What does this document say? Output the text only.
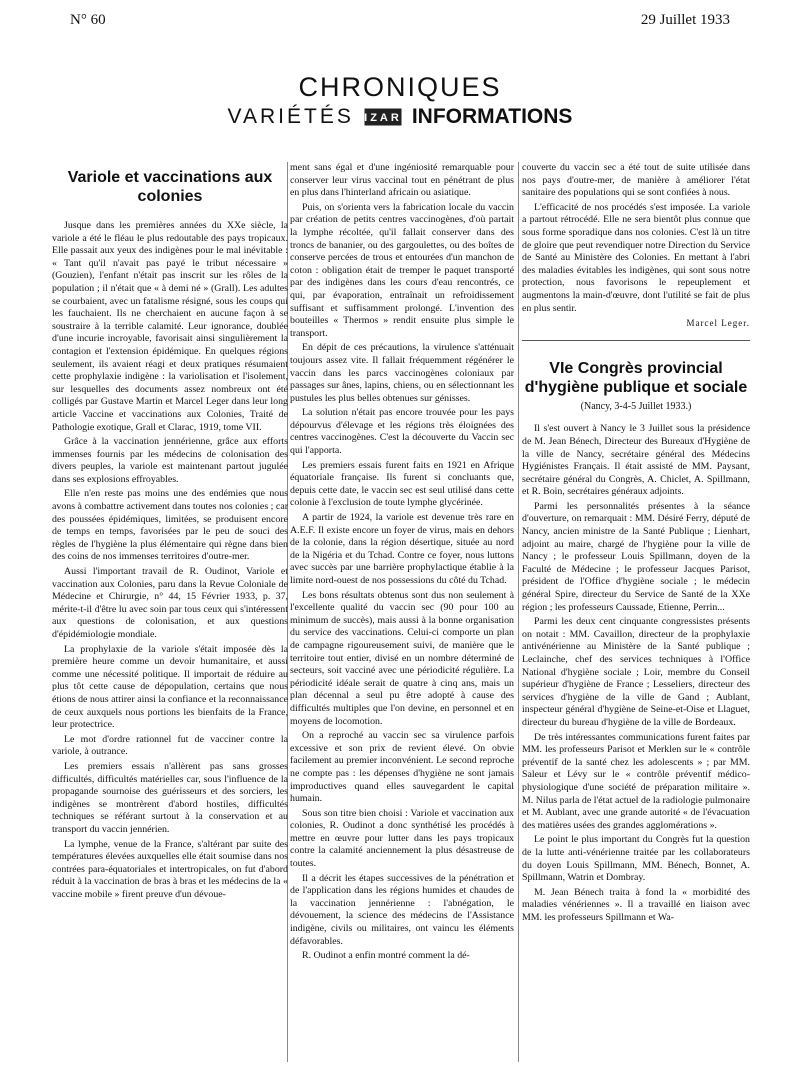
N° 60	29 Juillet 1933
CHRONIQUES
VARIÉTÉS IZAR INFORMATIONS
Variole et vaccinations aux colonies

Jusque dans les premières années du XXe siècle, la variole a été le fléau le plus redoutable des pays tropicaux. Elle passait aux yeux des indigènes pour le mal inévitable : « Tant qu'il n'avait pas payé le tribut nécessaire » (Gouzien), l'enfant n'était pas inscrit sur les rôles de la population ; il n'était que « à demi né » (Grall). Les adultes se courbaient, avec un fatalisme résigné, sous les coups qui les fauchaient. Ils ne cherchaient en aucune façon à se soustraire à la terrible calamité. Leur ignorance, doublée d'une incurie incroyable, favorisait ainsi singulièrement la contagion et l'extension épidémique. En quelques régions seulement, ils avaient réagi et deux pratiques résumaient cette prophylaxie indigène : la variolisation et l'isolement, sur lesquelles des documents assez nombreux ont été colligés par Gustave Martin et Marcel Leger dans leur long article Vaccine et vaccinations aux Colonies, Traité de Pathologie exotique, Grall et Clarac, 1919, tome VII.

Grâce à la vaccination jennérienne, grâce aux efforts immenses fournis par les médecins de colonisation des divers peuples, la variole est maintenant partout jugulée dans ses explosions effroyables.

Elle n'en reste pas moins une des endémies que nous avons à combattre activement dans toutes nos colonies ; car des poussées épidémiques, limitées, se produisent encore de temps en temps, favorisées par le peu de souci des règles de l'hygiène la plus élémentaire qui règne dans bien des coins de nos immenses territoires d'outre-mer.

Aussi l'important travail de R. Oudinot, Variole et vaccination aux Colonies, paru dans la Revue Coloniale de Médecine et Chirurgie, n° 44, 15 Février 1933, p. 37, mérite-t-il d'être lu avec soin par tous ceux qui s'intéressent aux questions de colonisation, et aux questions d'épidémiologie mondiale.

La prophylaxie de la variole s'était imposée dès la première heure comme un devoir humanitaire, et aussi comme une nécessité politique. Il importait de réduire au plus tôt cette cause de dépopulation, certains que nous étions de nous attirer ainsi la confiance et la reconnaissance de ceux auxquels nous portions les bienfaits de la France, leur protectrice.

Le mot d'ordre rationnel fut de vacciner contre la variole, à outrance.

Les premiers essais n'allèrent pas sans grosses difficultés, difficultés matérielles car, sous l'influence de la propagande sournoise des guérisseurs et des sorciers, les indigènes se montrèrent d'abord hostiles, difficultés techniques se référant surtout à la conservation et au transport du vaccin jennérien.

La lymphe, venue de la France, s'altérant par suite des températures élevées auxquelles elle était soumise dans nos contrées para-équatoriales et intertropicales, on fut d'abord réduit à la vaccination de bras à bras et les médecins de la « vaccine mobile » firent preuve d'un dévoue-

ment sans égal et d'une ingéniosité remarquable pour conserver leur virus vaccinal tout en pénétrant de plus en plus dans l'hinterland africain ou asiatique.

Puis, on s'orienta vers la fabrication locale du vaccin par création de petits centres vaccinogènes, d'où partait la lymphe récoltée, qu'il fallait conserver dans des troncs de bananier, ou des gargoulettes, ou des boîtes de conserve percées de trous et entourées d'un manchon de coton : obligation était de tremper le paquet transporté par des indigènes dans les cours d'eau rencontrés, ce qui, par évaporation, entraînait un refroidissement suffisant et suffisamment prolongé. L'invention des bouteilles « Thermos » rendit ensuite plus simple le transport.

En dépit de ces précautions, la virulence s'atténuait toujours assez vite. Il fallait fréquemment régénérer le vaccin dans les parcs vaccinogènes coloniaux par passages sur ânes, lapins, chiens, ou en sélectionnant les pustules les plus belles obtenues sur génisses.

La solution n'était pas encore trouvée pour les pays dépourvus d'élevage et les régions très éloignées des centres vaccinogènes. C'est la découverte du Vaccin sec qui l'apporta.

Les premiers essais furent faits en 1921 en Afrique équatoriale française. Ils furent si concluants que, depuis cette date, le vaccin sec est seul utilisé dans cette colonie à l'exclusion de toute lymphe glycérinée.

A partir de 1924, la variole est devenue très rare en A.E.F. Il existe encore un foyer de virus, mais en dehors de la colonie, dans la région désertique, située au nord de la Nigéria et du Tchad. Contre ce foyer, nous luttons avec succès par une barrière prophylactique établie à la limite nord-ouest de nos possessions du côté du Tchad.

Les bons résultats obtenus sont dus non seulement à l'excellente qualité du vaccin sec (90 pour 100 au minimum de succès), mais aussi à la bonne organisation du service des vaccinations. Celui-ci comporte un plan de campagne rigoureusement suivi, de manière que le territoire tout entier, divisé en un nombre déterminé de secteurs, soit vacciné avec une périodicité régulière. La périodicité idéale serait de quatre à cinq ans, mais un plan décennal a seul pu être adopté à cause des difficultés multiples que l'on devine, en personnel et en moyens de locomotion.

On a reproché au vaccin sec sa virulence parfois excessive et son prix de revient élevé. On obvie facilement au premier inconvénient. Le second reproche ne compte pas : les dépenses d'hygiène ne sont jamais improductives quand elles sauvegardent le capital humain.

Sous son titre bien choisi : Variole et vaccination aux colonies, R. Oudinot a donc synthétisé les procédés à mettre en œuvre pour lutter dans les pays tropicaux contre la calamité anciennement la plus désastreuse de toutes.

Il a décrit les étapes successives de la pénétration et de l'application dans les régions humides et chaudes de la vaccination jennérienne : l'abnégation, le dévouement, la science des médecins de l'Assistance indigène, civils ou militaires, ont vaincu les éléments défavorables.

R. Oudinot a enfin montré comment la dé-

couverte du vaccin sec a été tout de suite utilisée dans nos pays d'outre-mer, de manière à améliorer l'état sanitaire des populations qui se sont confiées à nous.

L'efficacité de nos procédés s'est imposée. La variole a partout rétrocédé. Elle ne sera bientôt plus connue que sous forme sporadique dans nos colonies. C'est là un titre de gloire que peut revendiquer notre Direction du Service de Santé au Ministère des Colonies. En mettant à l'abri des maladies évitables les indigènes, qui sont sous notre protection, nous favorisons le repeuplement et augmentons la main-d'œuvre, dont l'utilité se fait de plus en plus sentir.

Marcel Leger.
VIe Congrès provincial d'hygiène publique et sociale
(Nancy, 3-4-5 Juillet 1933.)

Il s'est ouvert à Nancy le 3 Juillet sous la présidence de M. Jean Bénech, Directeur des Bureaux d'Hygiène de la ville de Nancy, secrétaire général des Médecins Hygiénistes Français. Il était assisté de MM. Paysant, secrétaire général du Congrès, A. Chiclet, A. Spillmann, et R. Boin, secrétaires généraux adjoints.

Parmi les personnalités présentes à la séance d'ouverture, on remarquait : MM. Désiré Ferry, député de Nancy, ancien ministre de la Santé Publique ; Lienhart, adjoint au maire, chargé de l'hygiène pour la ville de Nancy ; le professeur Louis Spillmann, doyen de la Faculté de Médecine ; le professeur Jacques Parisot, président de l'Office d'hygiène sociale ; le médecin général Spire, directeur du Service de Santé de la XXe région ; les professeurs Caussade, Etienne, Perrin...

Parmi les deux cent cinquante congressistes présents on notait : MM. Cavaillon, directeur de la prophylaxie antivénérienne au Ministère de la Santé publique ; Leclainche, chef des services techniques à l'Office National d'hygiène sociale ; Loir, membre du Conseil supérieur d'hygiène de France ; Lesseliers, directeur des services d'hygiène de la ville de Gand ; Aublant, inspecteur général d'hygiène de Seine-et-Oise et Llaguet, directeur du bureau d'hygiène de la ville de Bordeaux.

De très intéressantes communications furent faites par MM. les professeurs Parisot et Merklen sur le « contrôle préventif de la santé chez les adolescents » ; par MM. Saleur et Lévy sur le « contrôle préventif médico-physiologique d'une société de préparation militaire ». M. Nilus parla de l'état actuel de la radiologie pulmonaire et M. Aublant, avec une grande autorité « de l'évacuation des matières usées des grandes agglomérations ».

Le point le plus important du Congrès fut la question de la lutte anti-vénérienne traitée par les collaborateurs du doyen Louis Spillmann, MM. Bénech, Bonnet, A. Spillmann, Watrin et Dombray.

M. Jean Bénech traita à fond la « morbidité des maladies vénériennes ». Il a travaillé en liaison avec MM. les professeurs Spillmann et Wa-
